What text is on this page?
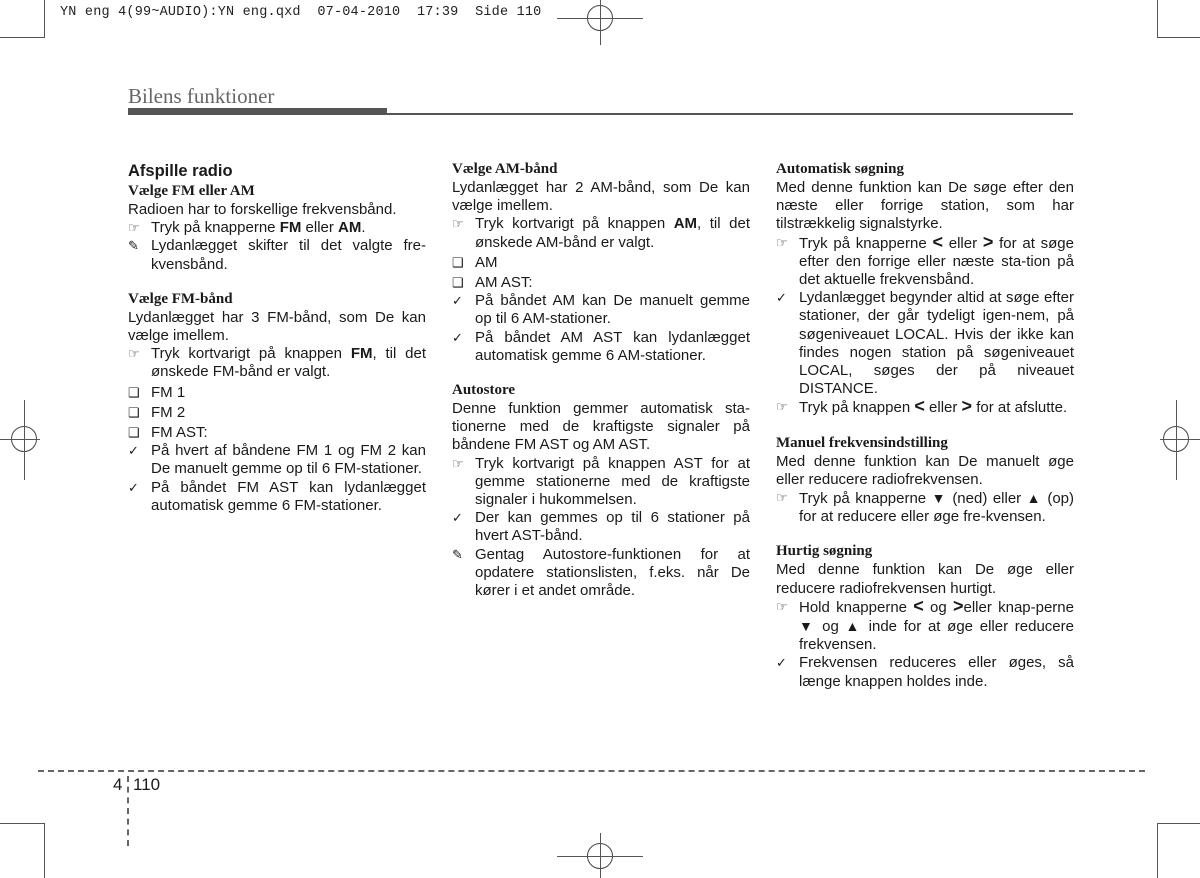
YN eng 4(99~AUDIO):YN eng.qxd  07-04-2010  17:39  Side 110
Bilens funktioner

Afspille radio

Vælge FM eller AM

Radioen har to forskellige frekvensbånd.

☞ Tryk på knapperne FM eller AM.
✎ Lydanlægget skifter til det valgte fre-kvensbånd.

Vælge FM-bånd

Lydanlægget har 3 FM-bånd, som De kan vælge imellem.

☞ Tryk kortvarigt på knappen FM, til det ønskede FM-bånd er valgt.
❑ FM 1
❑ FM 2
❑ FM AST:
✓ På hvert af båndene FM 1 og FM 2 kan De manuelt gemme op til 6 FM-stationer.
✓ På båndet FM AST kan lydanlægget automatisk gemme 6 FM-stationer.

Vælge AM-bånd

Lydanlægget har 2 AM-bånd, som De kan vælge imellem.

☞ Tryk kortvarigt på knappen AM, til det ønskede AM-bånd er valgt.
❑ AM
❑ AM AST:
✓ På båndet AM kan De manuelt gemme op til 6 AM-stationer.
✓ På båndet AM AST kan lydanlægget automatisk gemme 6 AM-stationer.

Autostore

Denne funktion gemmer automatisk sta-tionerne med de kraftigste signaler på båndene FM AST og AM AST.

☞ Tryk kortvarigt på knappen AST for at gemme stationerne med de kraftigste signaler i hukommelsen.
✓ Der kan gemmes op til 6 stationer på hvert AST-bånd.
✎ Gentag Autostore-funktionen for at opdatere stationslisten, f.eks. når De kører i et andet område.

Automatisk søgning

Med denne funktion kan De søge efter den næste eller forrige station, som har tilstrækkelig signalstyrke.

☞ Tryk på knapperne < eller > for at søge efter den forrige eller næste sta-tion på det aktuelle frekvensbånd.
✓ Lydanlægget begynder altid at søge efter stationer, der går tydeligt igen-nem, på søgeniveauet LOCAL. Hvis der ikke kan findes nogen station på søgeniveauet LOCAL, søges der på niveauet DISTANCE.
☞ Tryk på knappen < eller > for at afslutte.

Manuel frekvensindstilling

Med denne funktion kan De manuelt øge eller reducere radiofrekvensen.

☞ Tryk på knapperne ▼ (ned) eller ▲ (op) for at reducere eller øge fre-kvensen.

Hurtig søgning

Med denne funktion kan De øge eller reducere radiofrekvensen hurtigt.

☞ Hold knapperne < og >eller knap-perne ▼ og ▲ inde for at øge eller reducere frekvensen.
✓ Frekvensen reduceres eller øges, så længe knappen holdes inde.
4 110
